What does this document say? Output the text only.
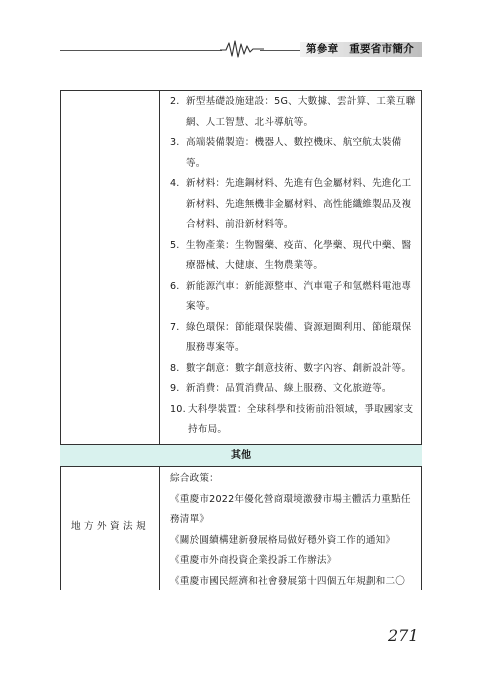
第參章　重要省市簡介
2. 新型基礎設施建設：5G、大數據、雲計算、工業互聯網、人工智慧、北斗導航等。
3. 高端裝備製造：機器人、數控機床、航空航太裝備等。
4. 新材料：先進鋼材料、先進有色金屬材料、先進化工新材料、先進無機非金屬材料、高性能纖維製品及複合材料、前沿新材料等。
5. 生物產業：生物醫藥、疫苗、化學藥、現代中藥、醫療器械、大健康、生物農業等。
6. 新能源汽車：新能源整車、汽車電子和氫燃料電池專案等。
7. 綠色環保：節能環保裝備、資源迴圈利用、節能環保服務專案等。
8. 數字創意：數字創意技術、數字內容、創新設計等。
9. 新消費：品質消費品、線上服務、文化旅遊等。
10. 大科學裝置：全球科學和技術前沿領域，爭取國家支持布局。
其他
地方外資法規
綜合政策：
《重慶市2022年優化營商環境激發市場主體活力重點任務清單》
《關於圓續構建新發展格局做好穩外資工作的通知》
《重慶市外商投資企業投訴工作辦法》
《重慶市國民經濟和社會發展第十四個五年規劃和二〇
271
